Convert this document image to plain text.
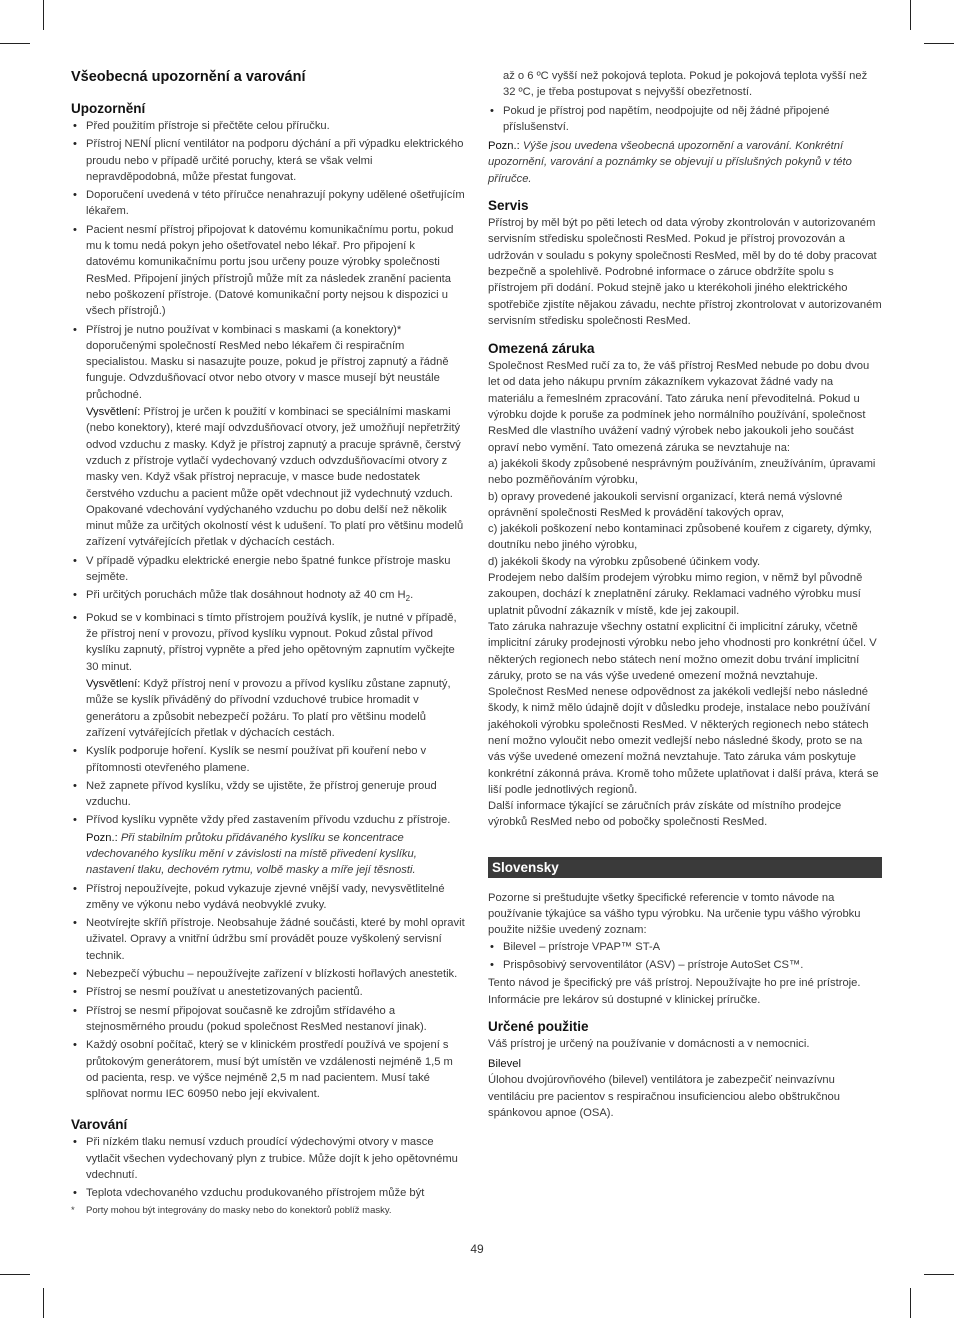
Všeobecná upozornění a varování
Upozornění
• Před použitím přístroje si přečtěte celou příručku.
• Přístroj NENÍ plicní ventilátor na podporu dýchání a při výpadku elektrického proudu nebo v případě určité poruchy, která se však velmi nepravděpodobná, může přestat fungovat.
• Doporučení uvedená v této příručce nenahrazují pokyny udělené ošetřujícím lékařem.
• Pacient nesmí přístroj připojovat k datovému komunikačnímu portu, pokud mu k tomu nedá pokyn jeho ošetřovatel nebo lékař. Pro připojení k datovému komunikačnímu portu jsou určeny pouze výrobky společnosti ResMed. Připojení jiných přístrojů může mít za následek zranění pacienta nebo poškození přístroje. (Datové komunikační porty nejsou k dispozici u všech přístrojů.)
• Přístroj je nutno používat v kombinaci s maskami (a konektory)* doporučenými společností ResMed nebo lékařem či respiračním specialistou. Masku si nasazujte pouze, pokud je přístroj zapnutý a řádně funguje. Odvzdušňovací otvor nebo otvory v masce musejí být neustále průchodné.

Vysvětlení: Přístroj je určen k použití v kombinaci se speciálními maskami (nebo konektory), které mají odvzdušňovací otvory, jež umožňují nepřetržitý odvod vzduchu z masky. Když je přístroj zapnutý a pracuje správně, čerstvý vzduch z přístroje vytlačí vydechovaný vzduch odvzdušňovacími otvory z masky ven. Když však přístroj nepracuje, v masce bude nedostatek čerstvého vzduchu a pacient může opět vdechnout již vydechnutý vzduch. Opakované vdechování vydýchaného vzduchu po dobu delší než několik minut může za určitých okolností vést k udušení. To platí pro většinu modelů zařízení vytvářejících přetlak v dýchacích cestách.

• V případě výpadku elektrické energie nebo špatné funkce přístroje masku sejměte.
• Při určitých poruchách může tlak dosáhnout hodnoty až 40 cm $H_2$.
• Pokud se v kombinaci s tímto přístrojem používá kyslík, je nutné v případě, že přístroj není v provozu, přívod kyslíku vypnout. Pokud zůstal přívod kyslíku zapnutý, přístroj vypněte a před jeho opětovným zapnutím vyčkejte 30 minut.

Vysvětlení: Když přístroj není v provozu a přívod kyslíku zůstane zapnutý, může se kyslík přiváděný do přívodní vzduchové trubice hromadit v generátoru a způsobit nebezpečí požáru. To platí pro většinu modelů zařízení vytvářejících přetlak v dýchacích cestách.

• Kyslík podporuje hoření. Kyslík se nesmí používat při kouření nebo v přítomnosti otevřeného plamene.
• Než zapnete přívod kyslíku, vždy se ujistěte, že přístroj generuje proud vzduchu.
• Přívod kyslíku vypněte vždy před zastavením přívodu vzduchu z přístroje.

Pozn.: Při stabilním průtoku přidávaného kyslíku se koncentrace vdechovaného kyslíku mění v závislosti na místě přivedení kyslíku, nastavení tlaku, dechovém rytmu, volbě masky a míře její těsnosti.

• Přístroj nepoužívejte, pokud vykazuje zjevné vnější vady, nevysvětlitelné změny ve výkonu nebo vydává neobvyklé zvuky.
• Neotvírejte skříň přístroje. Neobsahuje žádné součásti, které by mohl opravit uživatel. Opravy a vnitřní údržbu smí provádět pouze vyškolený servisní technik.
• Nebezpečí výbuchu – nepoužívejte zařízení v blízkosti hořlavých anestetik.
• Přístroj se nesmí používat u anestetizovaných pacientů.
• Přístroj se nesmí připojovat současně ke zdrojům střídavého a stejnosměrného proudu (pokud společnost ResMed nestanoví jinak).
• Každý osobní počítač, který se v klinickém prostředí používá ve spojení s průtokovým generátorem, musí být umístěn ve vzdálenosti nejméně 1,5 m od pacienta, resp. ve výšce nejméně 2,5 m nad pacientem. Musí také splňovat normu IEC 60950 nebo její ekvivalent.
Varování
• Při nízkém tlaku nemusí vzduch proudící výdechovými otvory v masce vytlačit všechen vydechovaný plyn z trubice. Může dojít k jeho opětovnému vdechnutí.
• Teplota vdechovaného vzduchu produkovaného přístrojem může být
* Porty mohou být integrovány do masky nebo do konektorů poblíž masky.

až o 6 ºC vyšší než pokojová teplota. Pokud je pokojová teplota vyšší než 32 ºC, je třeba postupovat s nejvyšší obezřetností.

• Pokud je přístroj pod napětím, neodpojujte od něj žádné připojené příslušenství.

Pozn.: Výše jsou uvedena všeobecná upozornění a varování. Konkrétní upozornění, varování a poznámky se objevují u příslušných pokynů v této příručce.

Servis

Přístroj by měl být po pěti letech od data výroby zkontrolován v autorizovaném servisním středisku společnosti ResMed. Pokud je přístroj provozován a udržován v souladu s pokyny společnosti ResMed, měl by do té doby pracovat bezpečně a spolehlivě. Podrobné informace o záruce obdržíte spolu s přístrojem při dodání. Pokud stejně jako u kterékoholi jiného elektrického spotřebiče zjistíte nějakou závadu, nechte přístroj zkontrolovat v autorizovaném servisním středisku společnosti ResMed.

Omezená záruka

Společnost ResMed ručí za to, že váš přístroj ResMed nebude po dobu dvou let od data jeho nákupu prvním zákazníkem vykazovat žádné vady na materiálu a řemeslném zpracování. Tato záruka není převoditelná. Pokud u výrobku dojde k poruše za podmínek jeho normálního používání, společnost ResMed dle vlastního uvážení vadný výrobek nebo jakoukoli jeho součást opraví nebo vymění. Tato omezená záruka se nevztahuje na:

a) jakékoli škody způsobené nesprávným používáním, zneužíváním, úpravami nebo pozměňováním výrobku,

b) opravy provedené jakoukoli servisní organizací, která nemá výslovné oprávnění společnosti ResMed k provádění takových oprav,

c) jakékoli poškození nebo kontaminaci způsobené kouřem z cigarety, dýmky, doutníku nebo jiného výrobku,

d) jakékoli škody na výrobku způsobené účinkem vody.

Prodejem nebo dalším prodejem výrobku mimo region, v němž byl původně zakoupen, dochází k zneplatnění záruky. Reklamaci vadného výrobku musí uplatnit původní zákazník v místě, kde jej zakoupil.

Tato záruka nahrazuje všechny ostatní explicitní či implicitní záruky, včetně implicitní záruky prodejnosti výrobku nebo jeho vhodnosti pro konkrétní účel. V některých regionech nebo státech není možno omezit dobu trvání implicitní záruky, proto se na vás výše uvedené omezení možná nevztahuje.

Společnost ResMed nenese odpovědnost za jakékoli vedlejší nebo následné škody, k nimž mělo údajně dojít v důsledku prodeje, instalace nebo používání jakéhokoli výrobku společnosti ResMed. V některých regionech nebo státech není možno vyloučit nebo omezit vedlejší nebo následné škody, proto se na vás výše uvedené omezení možná nevztahuje. Tato záruka vám poskytuje konkrétní zákonná práva. Kromě toho můžete uplatňovat i další práva, která se liší podle jednotlivých regionů.

Další informace týkající se záručních práv získáte od místního prodejce výrobků ResMed nebo od pobočky společnosti ResMed.

Slovensky

Pozorne si preštudujte všetky špecifické referencie v tomto návode na používanie týkajúce sa vášho typu výrobku. Na určenie typu vášho výrobku použite nižšie uvedený zoznam:

• Bilevel – prístroje VPAP™ ST-A
• Prispôsobivý servoventilátor (ASV) – prístroje AutoSet CS™.

Tento návod je špecifický pre váš prístroj. Nepoužívajte ho pre iné prístroje. Informácie pre lekárov sú dostupné v klinickej príručke.

Určené použitie

Váš prístroj je určený na používanie v domácnosti a v nemocnici.

Bilevel

Úlohou dvojúrovňového (bilevel) ventilátora je zabezpečiť neinvazívnu ventiláciu pre pacientov s respiračnou insuficienciou alebo obštrukčnou spánkovou apnoe (OSA).

49
